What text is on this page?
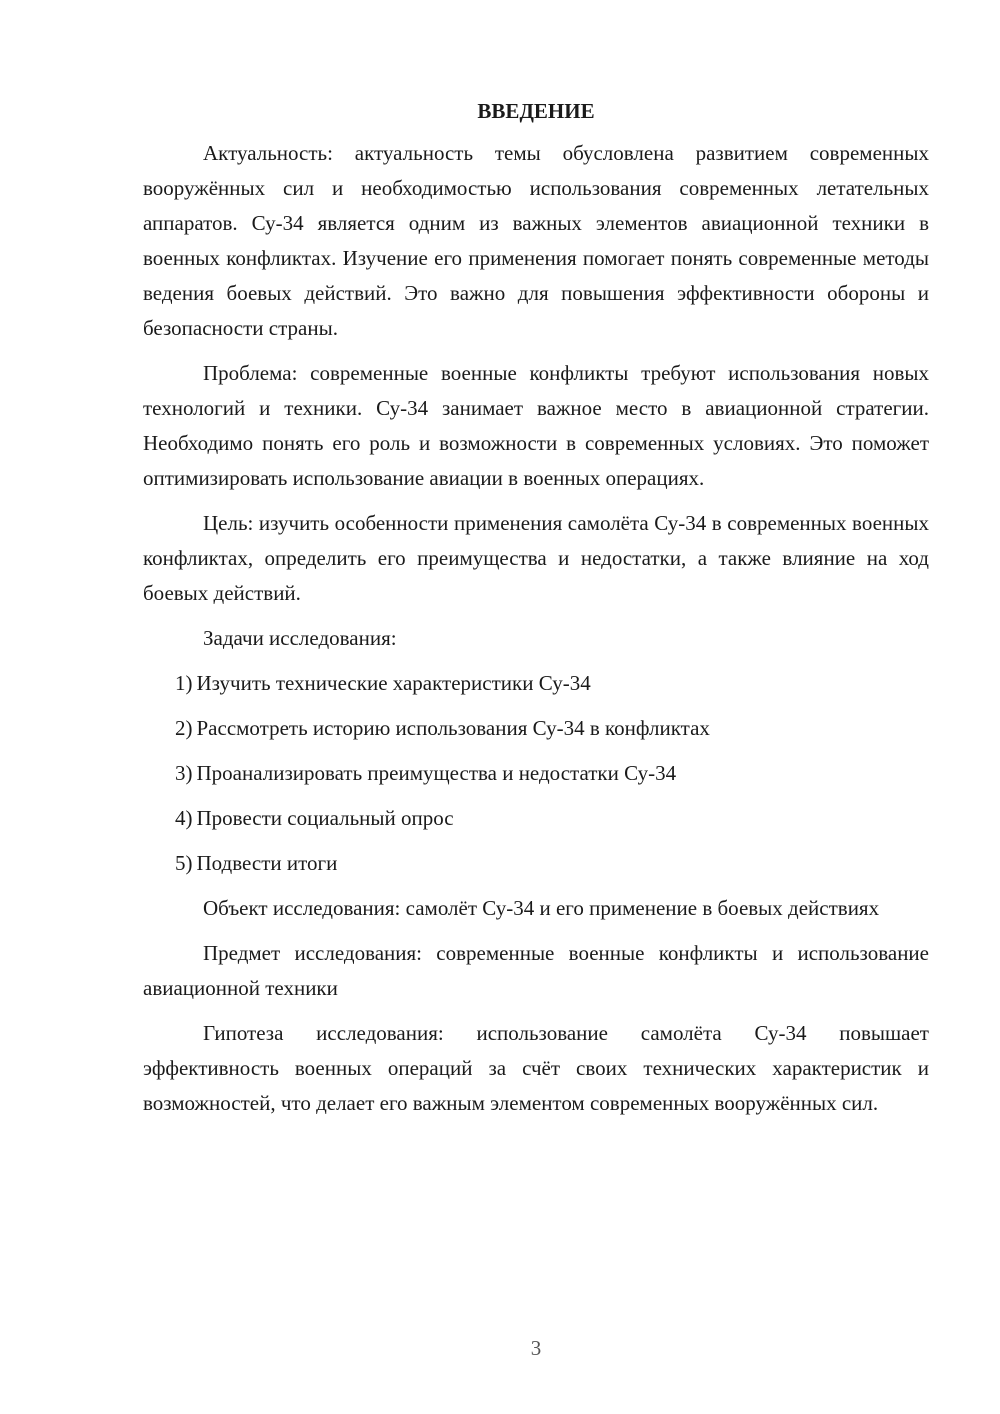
ВВЕДЕНИЕ

Актуальность: актуальность темы обусловлена развитием современных вооружённых сил и необходимостью использования современных летательных аппаратов. Су-34 является одним из важных элементов авиационной техники в военных конфликтах. Изучение его применения помогает понять современные методы ведения боевых действий. Это важно для повышения эффективности обороны и безопасности страны.

Проблема: современные военные конфликты требуют использования новых технологий и техники. Су-34 занимает важное место в авиационной стратегии. Необходимо понять его роль и возможности в современных условиях. Это поможет оптимизировать использование авиации в военных операциях.

Цель: изучить особенности применения самолёта Су-34 в современных военных конфликтах, определить его преимущества и недостатки, а также влияние на ход боевых действий.

Задачи исследования:

1) Изучить технические характеристики Су-34
2) Рассмотреть историю использования Су-34 в конфликтах
3) Проанализировать преимущества и недостатки Су-34
4) Провести социальный опрос
5) Подвести итоги

Объект исследования: самолёт Су-34 и его применение в боевых действиях

Предмет исследования: современные военные конфликты и использование авиационной техники

Гипотеза исследования: использование самолёта Су-34 повышает эффективность военных операций за счёт своих технических характеристик и возможностей, что делает его важным элементом современных вооружённых сил.

3
